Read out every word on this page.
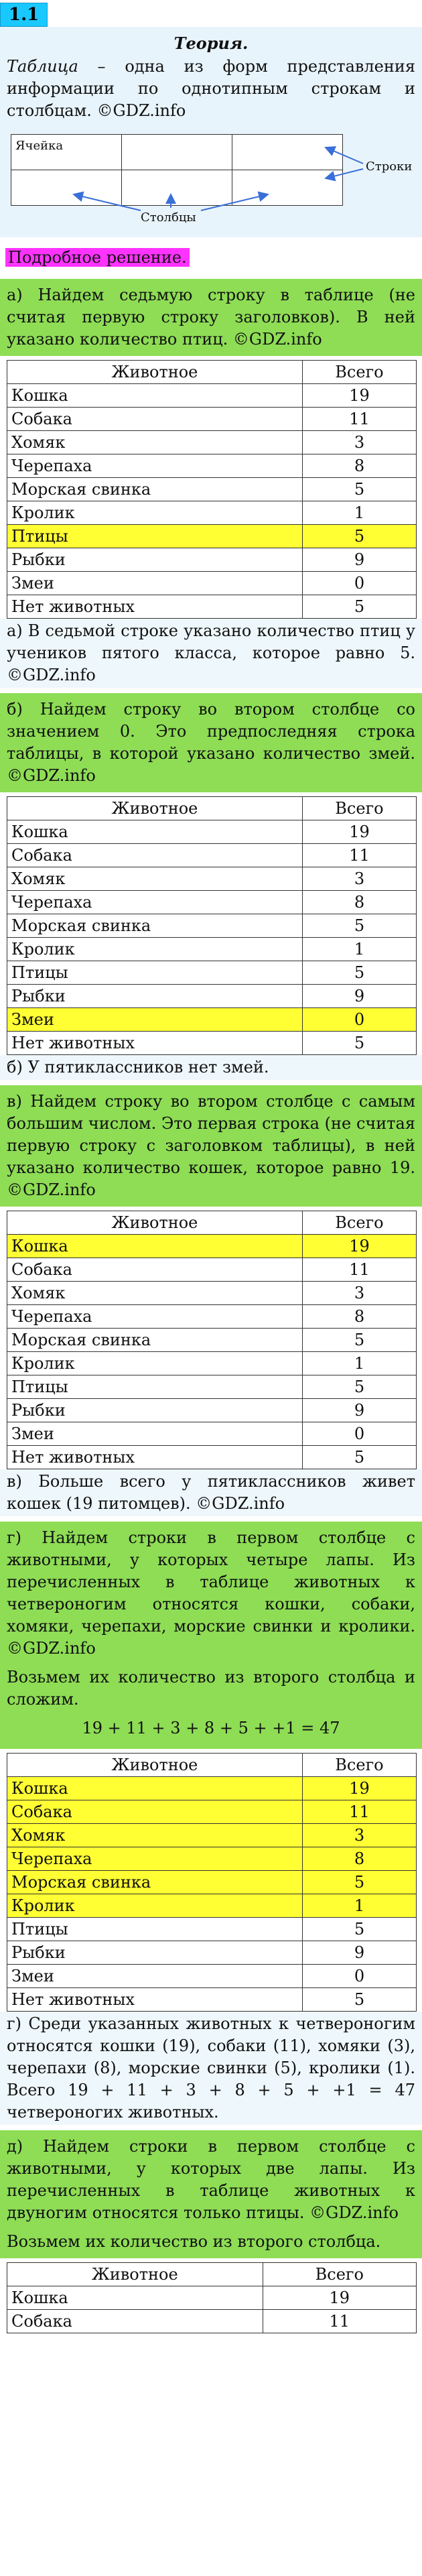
1.1
Теория.
Таблица – одна из форм представления информации по однотипным строкам и столбцам. ©GDZ.info
Ячейка		

Строки
Столбцы
Подробное решение.
а) Найдем седьмую строку в таблице (не считая первую строку заголовков). В ней указано количество птиц. ©GDZ.info
Животное	Всего
Кошка	19
Собака	11
Хомяк	3
Черепаха	8
Морская свинка	5
Кролик	1
Птицы	5
Рыбки	9
Змеи	0
Нет животных	5
а) В седьмой строке указано количество птиц у учеников пятого класса, которое равно 5. ©GDZ.info
б) Найдем строку во втором столбце со значением 0. Это предпоследняя строка таблицы, в которой указано количество змей. ©GDZ.info
Животное	Всего
Кошка	19
Собака	11
Хомяк	3
Черепаха	8
Морская свинка	5
Кролик	1
Птицы	5
Рыбки	9
Змеи	0
Нет животных	5
б) У пятиклассников нет змей.
в) Найдем строку во втором столбце с самым большим числом. Это первая строка (не считая первую строку с заголовком таблицы), в ней указано количество кошек, которое равно 19. ©GDZ.info
Животное	Всего
Кошка	19
Собака	11
Хомяк	3
Черепаха	8
Морская свинка	5
Кролик	1
Птицы	5
Рыбки	9
Змеи	0
Нет животных	5
в) Больше всего у пятиклассников живет кошек (19 питомцев). ©GDZ.info
г) Найдем строки в первом столбце с животными, у которых четыре лапы. Из перечисленных в таблице животных к четвероногим относятся кошки, собаки, хомяки, черепахи, морские свинки и кролики. ©GDZ.info
Возьмем их количество из второго столбца и сложим.
19 + 11 + 3 + 8 + 5 + +1 = 47
Животное	Всего
Кошка	19
Собака	11
Хомяк	3
Черепаха	8
Морская свинка	5
Кролик	1
Птицы	5
Рыбки	9
Змеи	0
Нет животных	5
г) Среди указанных животных к четвероногим относятся кошки (19), собаки (11), хомяки (3), черепахи (8), морские свинки (5), кролики (1). Всего 19 + 11 + 3 + 8 + 5 + +1 = 47 четвероногих животных.
д) Найдем строки в первом столбце с животными, у которых две лапы. Из перечисленных в таблице животных к двуногим относятся только птицы. ©GDZ.info
Возьмем их количество из второго столбца.
Животное	Всего
Кошка	19
Собака	11
